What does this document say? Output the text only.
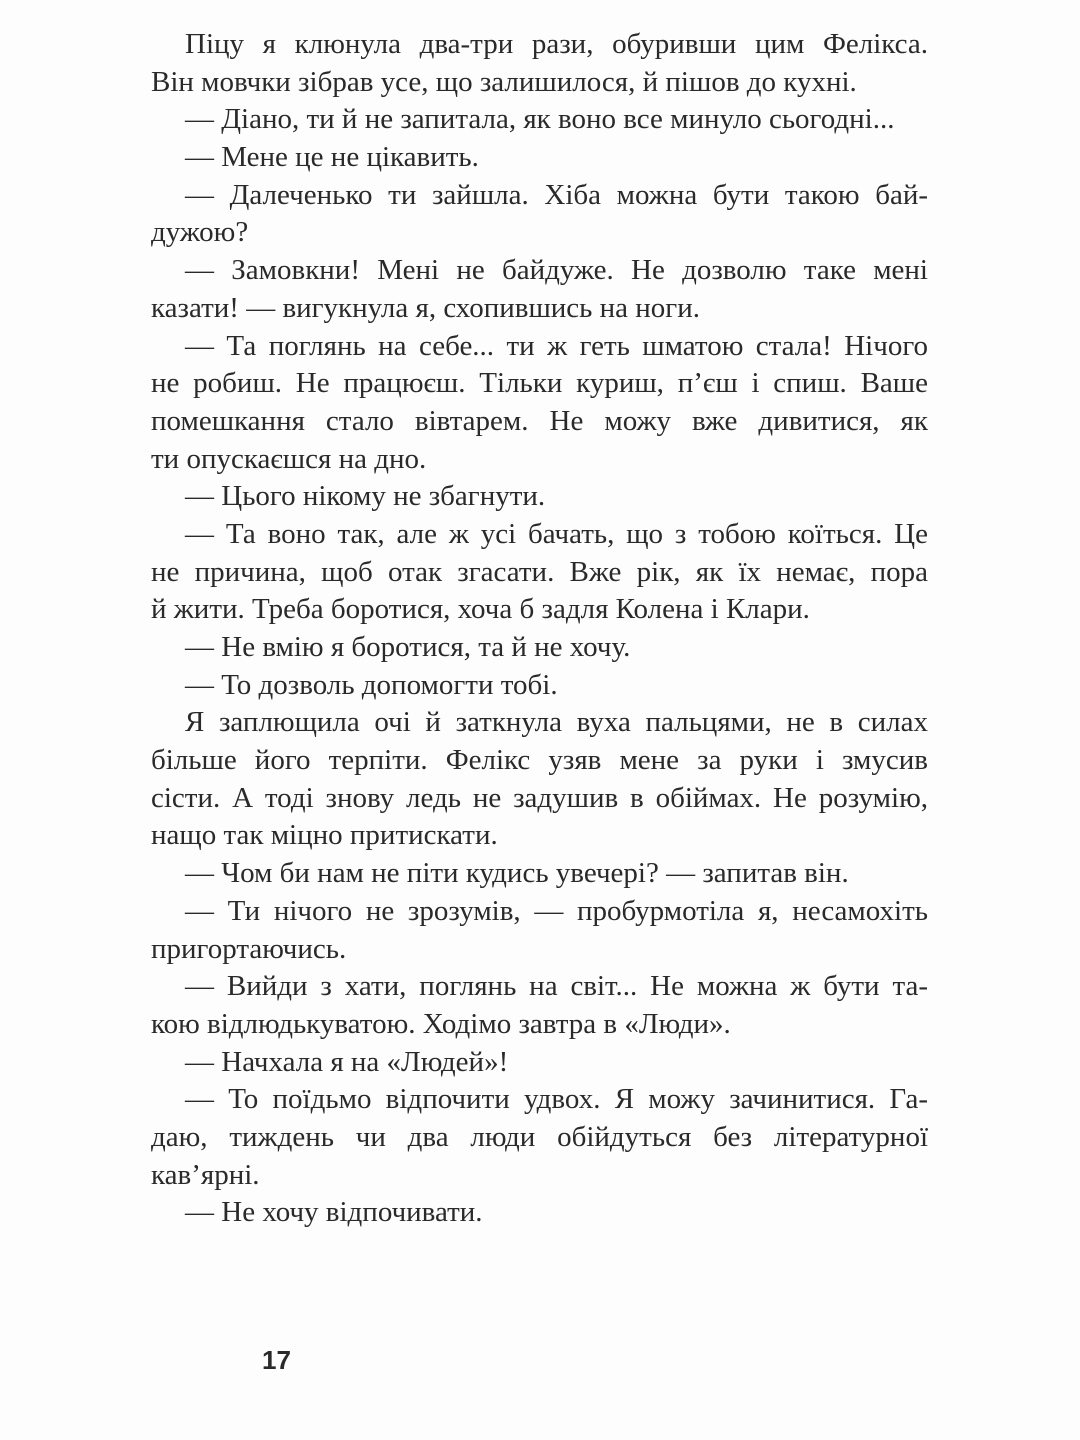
Піцу я клюнула два-три рази, обуривши цим Фелікса.
Він мовчки зібрав усе, що залишилося, й пішов до кухні.
— Діано, ти й не запитала, як воно все минуло сьогодні...
— Мене це не цікавить.
— Далеченько ти зайшла. Хіба можна бути такою бай-
дужою?
— Замовкни! Мені не байдуже. Не дозволю таке мені
казати! — вигукнула я, схопившись на ноги.
— Та поглянь на себе... ти ж геть шматою стала! Нічого
не робиш. Не працюєш. Тільки куриш, п’єш і спиш. Ваше
помешкання стало вівтарем. Не можу вже дивитися, як
ти опускаєшся на дно.
— Цього нікому не збагнути.
— Та воно так, але ж усі бачать, що з тобою коїться. Це
не причина, щоб отак згасати. Вже рік, як їх немає, пора
й жити. Треба боротися, хоча б задля Колена і Клари.
— Не вмію я боротися, та й не хочу.
— То дозволь допомогти тобі.
Я заплющила очі й заткнула вуха пальцями, не в силах
більше його терпіти. Фелікс узяв мене за руки і змусив
сісти. А тоді знову ледь не задушив в обіймах. Не розумію,
нащо так міцно притискати.
— Чом би нам не піти кудись увечері? — запитав він.
— Ти нічого не зрозумів, — пробурмотіла я, несамохіть
пригортаючись.
— Вийди з хати, поглянь на світ... Не можна ж бути та-
кою відлюдькуватою. Ходімо завтра в «Люди».
— Начхала я на «Людей»!
— То поїдьмо відпочити удвох. Я можу зачинитися. Га-
даю, тиждень чи два люди обійдуться без літературної
кав’ярні.
— Не хочу відпочивати.
17
